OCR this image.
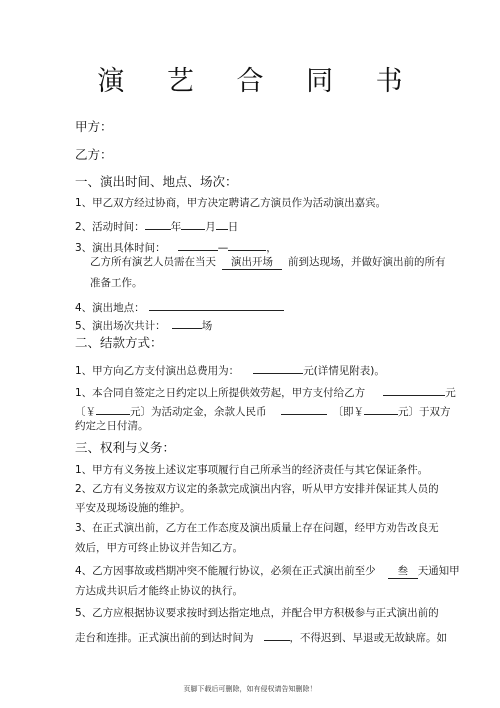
演 艺 合 同 书
甲方：
乙方：
一、演出时间、地点、场次：
1、甲乙双方经过协商，甲方决定聘请乙方演员作为活动演出嘉宾。
2、活动时间： 年 月 日
3、演出具体时间：	—	，
乙方所有演艺人员需在当天 演出开场 前到达现场，并做好演出前的所有
准备工作。
4、演出地点：
5、演出场次共计：	场
二、结款方式：
1、甲方向乙方支付演出总费用为：	元(详情见附表)。
1、本合同自签定之日约定以上所提供效劳起，甲方支付给乙方	元
〔￥	元〕为活动定金，余款人民币	〔即￥	元〕于双方
约定之日付清。
三、权利与义务：
1、甲方有义务按上述议定事项履行自己所承当的经济责任与其它保证条件。
2、乙方有义务按双方议定的条款完成演出内容，听从甲方安排并保证其人员的
平安及现场设施的维护。
3、在正式演出前，乙方在工作态度及演出质量上存在问题，经甲方劝告改良无
效后，甲方可终止协议并告知乙方。
4、乙方因事故或档期冲突不能履行协议，必须在正式演出前至少 叁 天通知甲
方达成共识后才能终止协议的执行。
5、乙方应根据协议要求按时到达指定地点，并配合甲方积极参与正式演出前的
走台和连排。正式演出前的到达时间为	，不得迟到、早退或无故缺席。如
页脚下载后可删除，如有侵权请告知删除！
